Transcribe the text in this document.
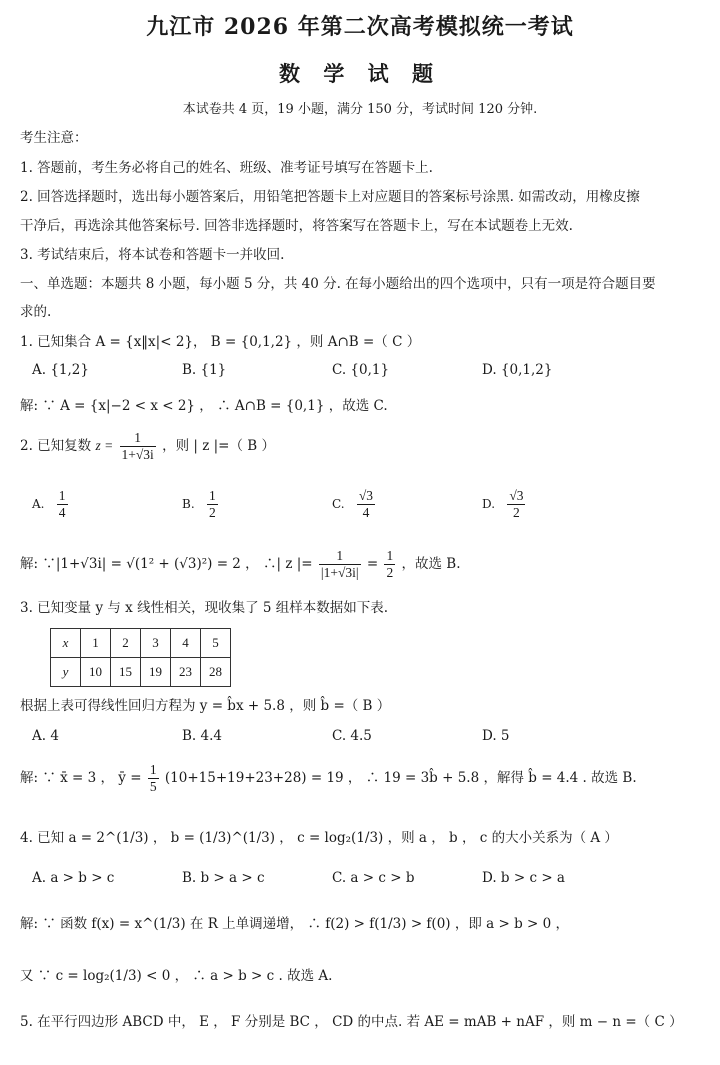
九江市 2026 年第二次高考模拟统一考试
数 学 试 题
本试卷共 4 页，19 小题，满分 150 分，考试时间 120 分钟.
考生注意：
1. 答题前，考生务必将自己的姓名、班级、准考证号填写在答题卡上.
2. 回答选择题时，选出每小题答案后，用铅笔把答题卡上对应题目的答案标号涂黑. 如需改动，用橡皮擦
干净后，再选涂其他答案标号. 回答非选择题时，将答案写在答题卡上，写在本试题卷上无效.
3. 考试结束后，将本试卷和答题卡一并收回.
一、单选题：本题共 8 小题，每小题 5 分，共 40 分. 在每小题给出的四个选项中，只有一项是符合题目要
求的.
1. 已知集合 A = {x‖x|< 2}， B = {0,1,2} ，则 A∩B =（ C ）
A. {1,2}	B. {1}	C. {0,1}	D. {0,1,2}
解: ∵ A = {x|−2 < x < 2} ， ∴ A∩B = {0,1} ，故选 C.
2. 已知复数 $z = \frac{1}{1+√3i}$ ，则 | z |=（ B ）
A. $\frac{1}{4}$	B. $\frac{1}{2}$	C. $\frac{√3}{4}$	D. $\frac{√3}{2}$
解: ∵|1+√3i| = √(1² + (√3)²) = 2 ， ∴| z |= $\frac{1}{|1+√3i|} = \frac{1}{2}$ ，故选 B.
3. 已知变量 y 与 x 线性相关，现收集了 5 组样本数据如下表.
x	1	2	3	4	5
y	10	15	19	23	28
根据上表可得线性回归方程为 y = b̂x + 5.8 ，则 b̂ =（ B ）
A. 4	B. 4.4	C. 4.5	D. 5
解: ∵ x̄ = 3 ， ȳ = $\frac{1}{5} (10+15+19+23+28) = 19$ ， ∴ 19 = 3b̂ + 5.8 ，解得 b̂ = 4.4 . 故选 B.
4. 已知 a = 2^(1/3) ， b = (1/3)^(1/3) ， c = log₂(1/3) ，则 a ， b ， c 的大小关系为（ A ）
A. a > b > c	B. b > a > c	C. a > c > b	D. b > c > a
解: ∵ 函数 f(x) = x^(1/3) 在 R 上单调递增， ∴ f(2) > f(1/3) > f(0) ，即 a > b > 0 ，
又 ∵ c = log₂(1/3) < 0 ， ∴ a > b > c . 故选 A.
5. 在平行四边形 ABCD 中， E ， F 分别是 BC ， CD 的中点. 若 AE = mAB + nAF ，则 m − n =（ C ）
